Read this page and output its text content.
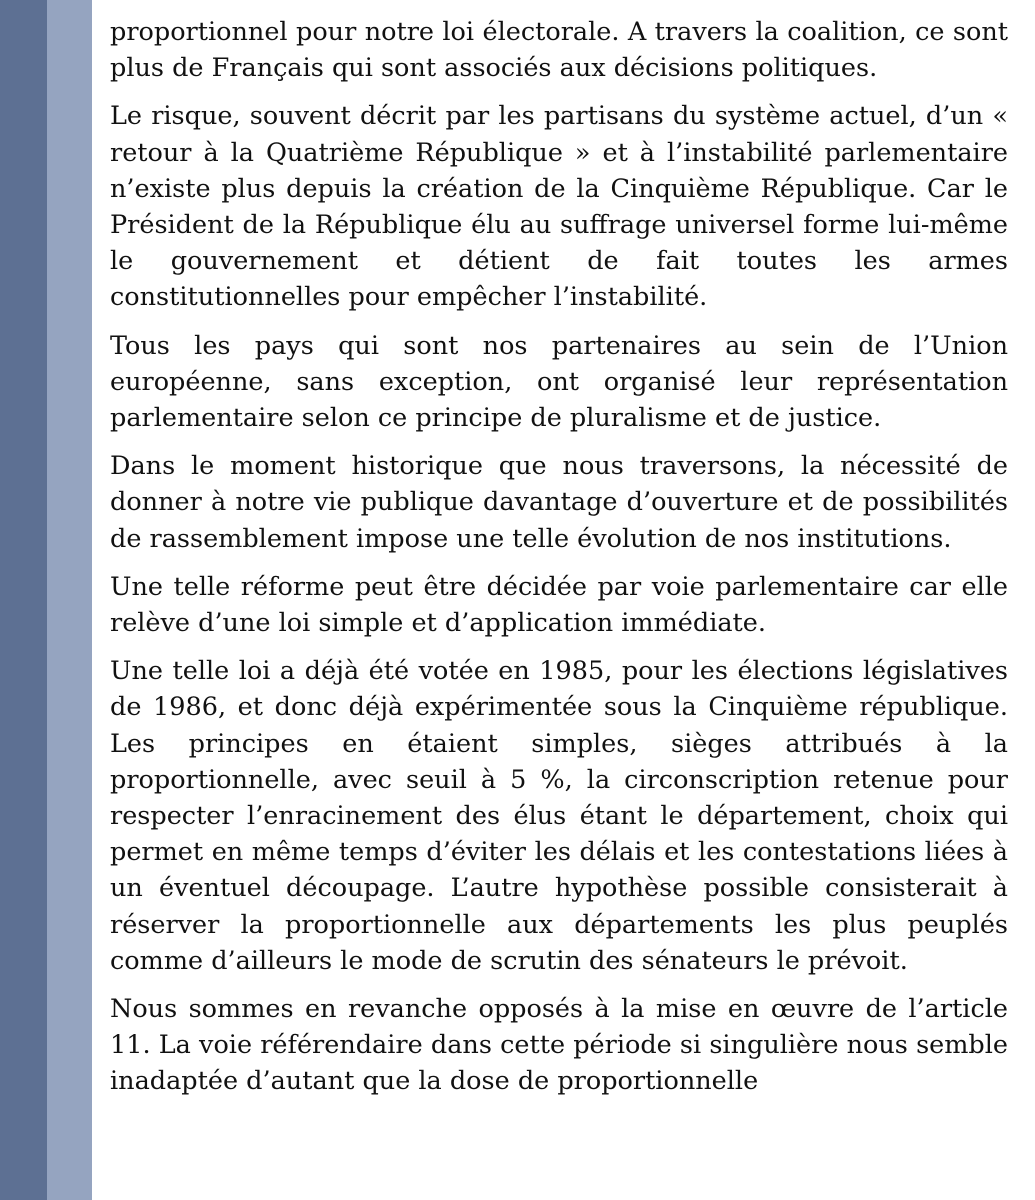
proportionnel pour notre loi électorale. A travers la coalition, ce sont plus de Français qui sont associés aux décisions politiques.

Le risque, souvent décrit par les partisans du système actuel, d’un « retour à la Quatrième République » et à l’instabilité parlementaire n’existe plus depuis la création de la Cinquième République. Car le Président de la République élu au suffrage universel forme lui-même le gouvernement et détient de fait toutes les armes constitutionnelles pour empêcher l’instabilité.

Tous les pays qui sont nos partenaires au sein de l’Union européenne, sans exception, ont organisé leur représentation parlementaire selon ce principe de pluralisme et de justice.

Dans le moment historique que nous traversons, la nécessité de donner à notre vie publique davantage d’ouverture et de possibilités de rassemblement impose une telle évolution de nos institutions.

Une telle réforme peut être décidée par voie parlementaire car elle relève d’une loi simple et d’application immédiate.

Une telle loi a déjà été votée en 1985, pour les élections législatives de 1986, et donc déjà expérimentée sous la Cinquième république. Les principes en étaient simples, sièges attribués à la proportionnelle, avec seuil à 5 %, la circonscription retenue pour respecter l’enracinement des élus étant le département, choix qui permet en même temps d’éviter les délais et les contestations liées à un éventuel découpage. L’autre hypothèse possible consisterait à réserver la proportionnelle aux départements les plus peuplés comme d’ailleurs le mode de scrutin des sénateurs le prévoit.

Nous sommes en revanche opposés à la mise en œuvre de l’article 11. La voie référendaire dans cette période si singulière nous semble inadaptée d’autant que la dose de proportionnelle
